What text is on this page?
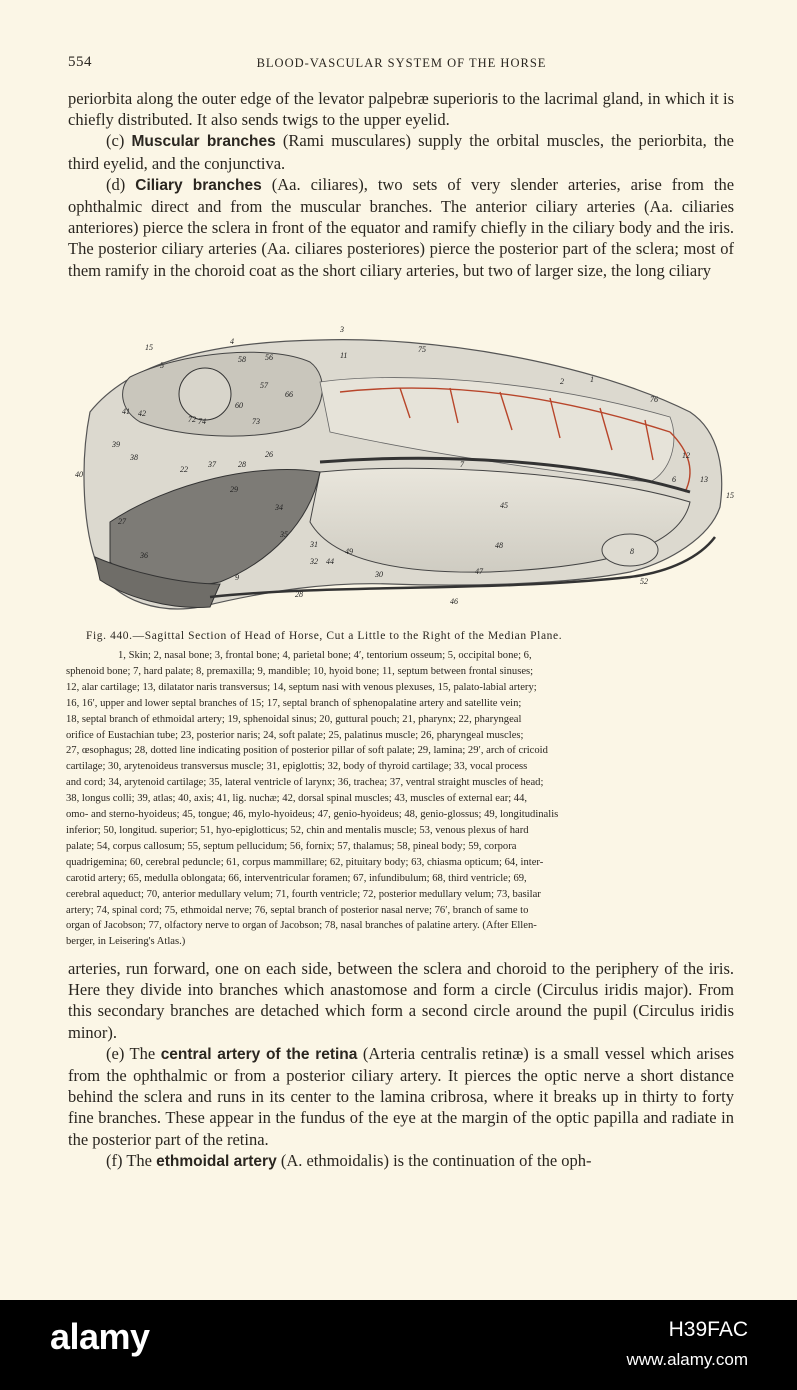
554	BLOOD-VASCULAR SYSTEM OF THE HORSE

periorbita along the outer edge of the levator palpebræ superioris to the lacrimal gland, in which it is chiefly distributed. It also sends twigs to the upper eyelid.

(c) Muscular branches (Rami musculares) supply the orbital muscles, the periorbita, the third eyelid, and the conjunctiva.

(d) Ciliary branches (Aa. ciliares), two sets of very slender arteries, arise from the ophthalmic direct and from the muscular branches. The anterior ciliary arteries (Aa. ciliaries anteriores) pierce the sclera in front of the equator and ramify chiefly in the ciliary body and the iris. The posterior ciliary arteries (Aa. ciliares posteriores) pierce the posterior part of the sclera; most of them ramify in the choroid coat as the short ciliary arteries, but two of larger size, the long ciliary

3
4
5
15
11
75
2	1
76
12
13
6
7
15
45
48
47
46
52
8
9	30
41 42
39
40
38
37
36
27
28
29
34
35
26
22
31
44
32
49
28
66
56
57
58
60
74
72	73
Fig. 440.—Sagittal Section of Head of Horse, Cut a Little to the Right of the Median Plane.
1, Skin; 2, nasal bone; 3, frontal bone; 4, parietal bone; 4′, tentorium osseum; 5, occipital bone; 6,
sphenoid bone; 7, hard palate; 8, premaxilla; 9, mandible; 10, hyoid bone; 11, septum between frontal sinuses;
12, alar cartilage; 13, dilatator naris transversus; 14, septum nasi with venous plexuses, 15, palato-labial artery;
16, 16′, upper and lower septal branches of 15; 17, septal branch of sphenopalatine artery and satellite vein;
18, septal branch of ethmoidal artery; 19, sphenoidal sinus; 20, guttural pouch; 21, pharynx; 22, pharyngeal
orifice of Eustachian tube; 23, posterior naris; 24, soft palate; 25, palatinus muscle; 26, pharyngeal muscles;
27, œsophagus; 28, dotted line indicating position of posterior pillar of soft palate; 29, lamina; 29′, arch of cricoid
cartilage; 30, arytenoideus transversus muscle; 31, epiglottis; 32, body of thyroid cartilage; 33, vocal process
and cord; 34, arytenoid cartilage; 35, lateral ventricle of larynx; 36, trachea; 37, ventral straight muscles of head;
38, longus colli; 39, atlas; 40, axis; 41, lig. nuchæ; 42, dorsal spinal muscles; 43, muscles of external ear; 44,
omo- and sterno-hyoideus; 45, tongue; 46, mylo-hyoideus; 47, genio-hyoideus; 48, genio-glossus; 49, longitudinalis
inferior; 50, longitud. superior; 51, hyo-epiglotticus; 52, chin and mentalis muscle; 53, venous plexus of hard
palate; 54, corpus callosum; 55, septum pellucidum; 56, fornix; 57, thalamus; 58, pineal body; 59, corpora
quadrigemina; 60, cerebral peduncle; 61, corpus mammillare; 62, pituitary body; 63, chiasma opticum; 64, inter-
carotid artery; 65, medulla oblongata; 66, interventricular foramen; 67, infundibulum; 68, third ventricle; 69,
cerebral aqueduct; 70, anterior medullary velum; 71, fourth ventricle; 72, posterior medullary velum; 73, basilar
artery; 74, spinal cord; 75, ethmoidal nerve; 76, septal branch of posterior nasal nerve; 76′, branch of same to
organ of Jacobson; 77, olfactory nerve to organ of Jacobson; 78, nasal branches of palatine artery. (After Ellen-
berger, in Leisering's Atlas.)

arteries, run forward, one on each side, between the sclera and choroid to the periphery of the iris. Here they divide into branches which anastomose and form a circle (Circulus iridis major). From this secondary branches are detached which form a second circle around the pupil (Circulus iridis minor).

(e) The central artery of the retina (Arteria centralis retinæ) is a small vessel which arises from the ophthalmic or from a posterior ciliary artery. It pierces the optic nerve a short distance behind the sclera and runs in its center to the lamina cribrosa, where it breaks up in thirty to forty fine branches. These appear in the fundus of the eye at the margin of the optic papilla and radiate in the posterior part of the retina.

(f) The ethmoidal artery (A. ethmoidalis) is the continuation of the oph-

alamy	H39FAC
www.alamy.com
